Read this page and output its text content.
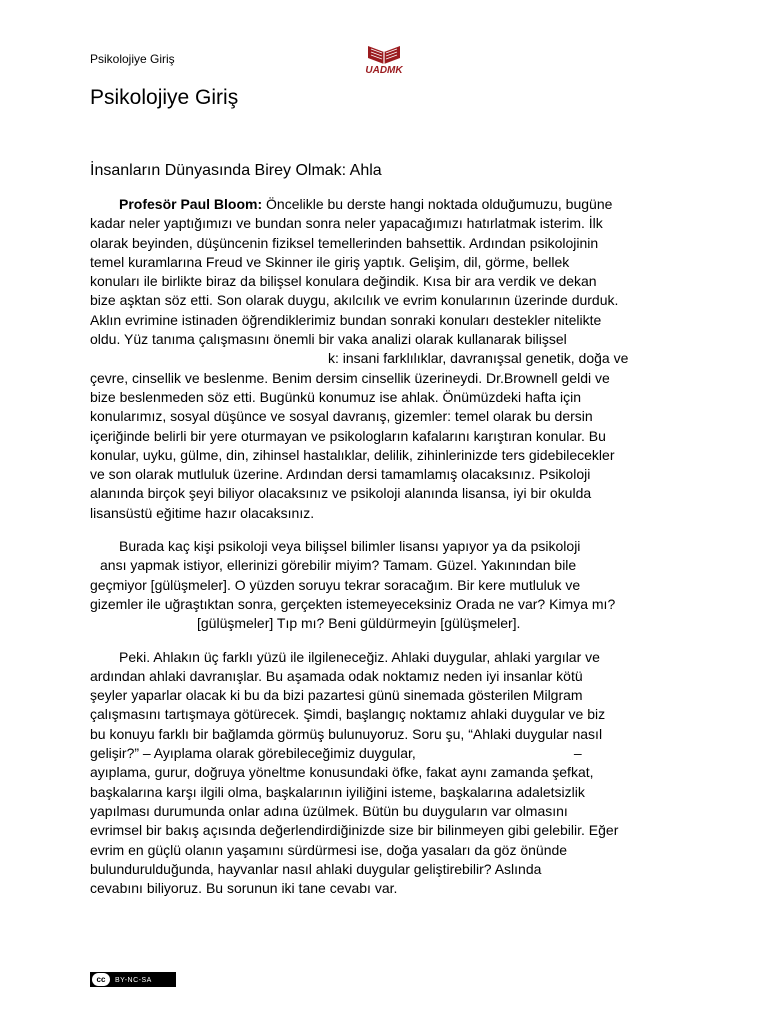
Psikolojiye Giriş
UADMK
Psikolojiye Giriş
İnsanların Dünyasında Birey Olmak: Ahla

Profesör Paul Bloom: Öncelikle bu derste hangi noktada olduğumuzu, bugüne
kadar neler yaptığımızı ve bundan sonra neler yapacağımızı hatırlatmak isterim. İlk
olarak beyinden, düşüncenin fiziksel temellerinden bahsettik. Ardından psikolojinin
temel kuramlarına Freud ve Skinner ile giriş yaptık. Gelişim, dil, görme, bellek
konuları ile birlikte biraz da bilişsel konulara değindik. Kısa bir ara verdik ve dekan
bize aşktan söz etti. Son olarak duygu, akılcılık ve evrim konularının üzerinde durduk.
Aklın evrimine istinaden öğrendiklerimiz bundan sonraki konuları destekler nitelikte
oldu. Yüz tanıma çalışmasını önemli bir vaka analizi olarak kullanarak bilişsel
k: insani farklılıklar, davranışsal genetik, doğa ve
çevre, cinsellik ve beslenme. Benim dersim cinsellik üzerineydi. Dr.Brownell geldi ve
bize beslenmeden söz etti. Bugünkü konumuz ise ahlak. Önümüzdeki hafta için
konularımız, sosyal düşünce ve sosyal davranış, gizemler: temel olarak bu dersin
içeriğinde belirli bir yere oturmayan ve psikologların kafalarını karıştıran konular. Bu
konular, uyku, gülme, din, zihinsel hastalıklar, delilik, zihinlerinizde ters gidebilecekler
ve son olarak mutluluk üzerine. Ardından dersi tamamlamış olacaksınız. Psikoloji
alanında birçok şeyi biliyor olacaksınız ve psikoloji alanında lisansa, iyi bir okulda
lisansüstü eğitime hazır olacaksınız.

Burada kaç kişi psikoloji veya bilişsel bilimler lisansı yapıyor ya da psikoloji
ansı yapmak istiyor, ellerinizi görebilir miyim? Tamam. Güzel. Yakınından bile
geçmiyor [gülüşmeler]. O yüzden soruyu tekrar soracağım. Bir kere mutluluk ve
gizemler ile uğraştıktan sonra, gerçekten istemeyeceksiniz Orada ne var? Kimya mı?
[gülüşmeler] Tıp mı? Beni güldürmeyin [gülüşmeler].

Peki. Ahlakın üç farklı yüzü ile ilgileneceğiz. Ahlaki duygular, ahlaki yargılar ve
ardından ahlaki davranışlar. Bu aşamada odak noktamız neden iyi insanlar kötü
şeyler yaparlar olacak ki bu da bizi pazartesi günü sinemada gösterilen Milgram
çalışmasını tartışmaya götürecek. Şimdi, başlangıç noktamız ahlaki duygular ve biz
bu konuyu farklı bir bağlamda görmüş bulunuyoruz. Soru şu, “Ahlaki duygular nasıl
gelişir?” – Ayıplama olarak görebileceğimiz duygular,	–
ayıplama, gurur, doğruya yöneltme konusundaki öfke, fakat aynı zamanda şefkat,
başkalarına karşı ilgili olma, başkalarının iyiliğini isteme, başkalarına adaletsizlik
yapılması durumunda onlar adına üzülmek. Bütün bu duyguların var olmasını
evrimsel bir bakış açısında değerlendirdiğinizde size bir bilinmeyen gibi gelebilir. Eğer
evrim en güçlü olanın yaşamını sürdürmesi ise, doğa yasaları da göz önünde
bulundurulduğunda, hayvanlar nasıl ahlaki duygular geliştirebilir? Aslında
cevabını biliyoruz. Bu sorunun iki tane cevabı var.

cc	BY-NC-SA
